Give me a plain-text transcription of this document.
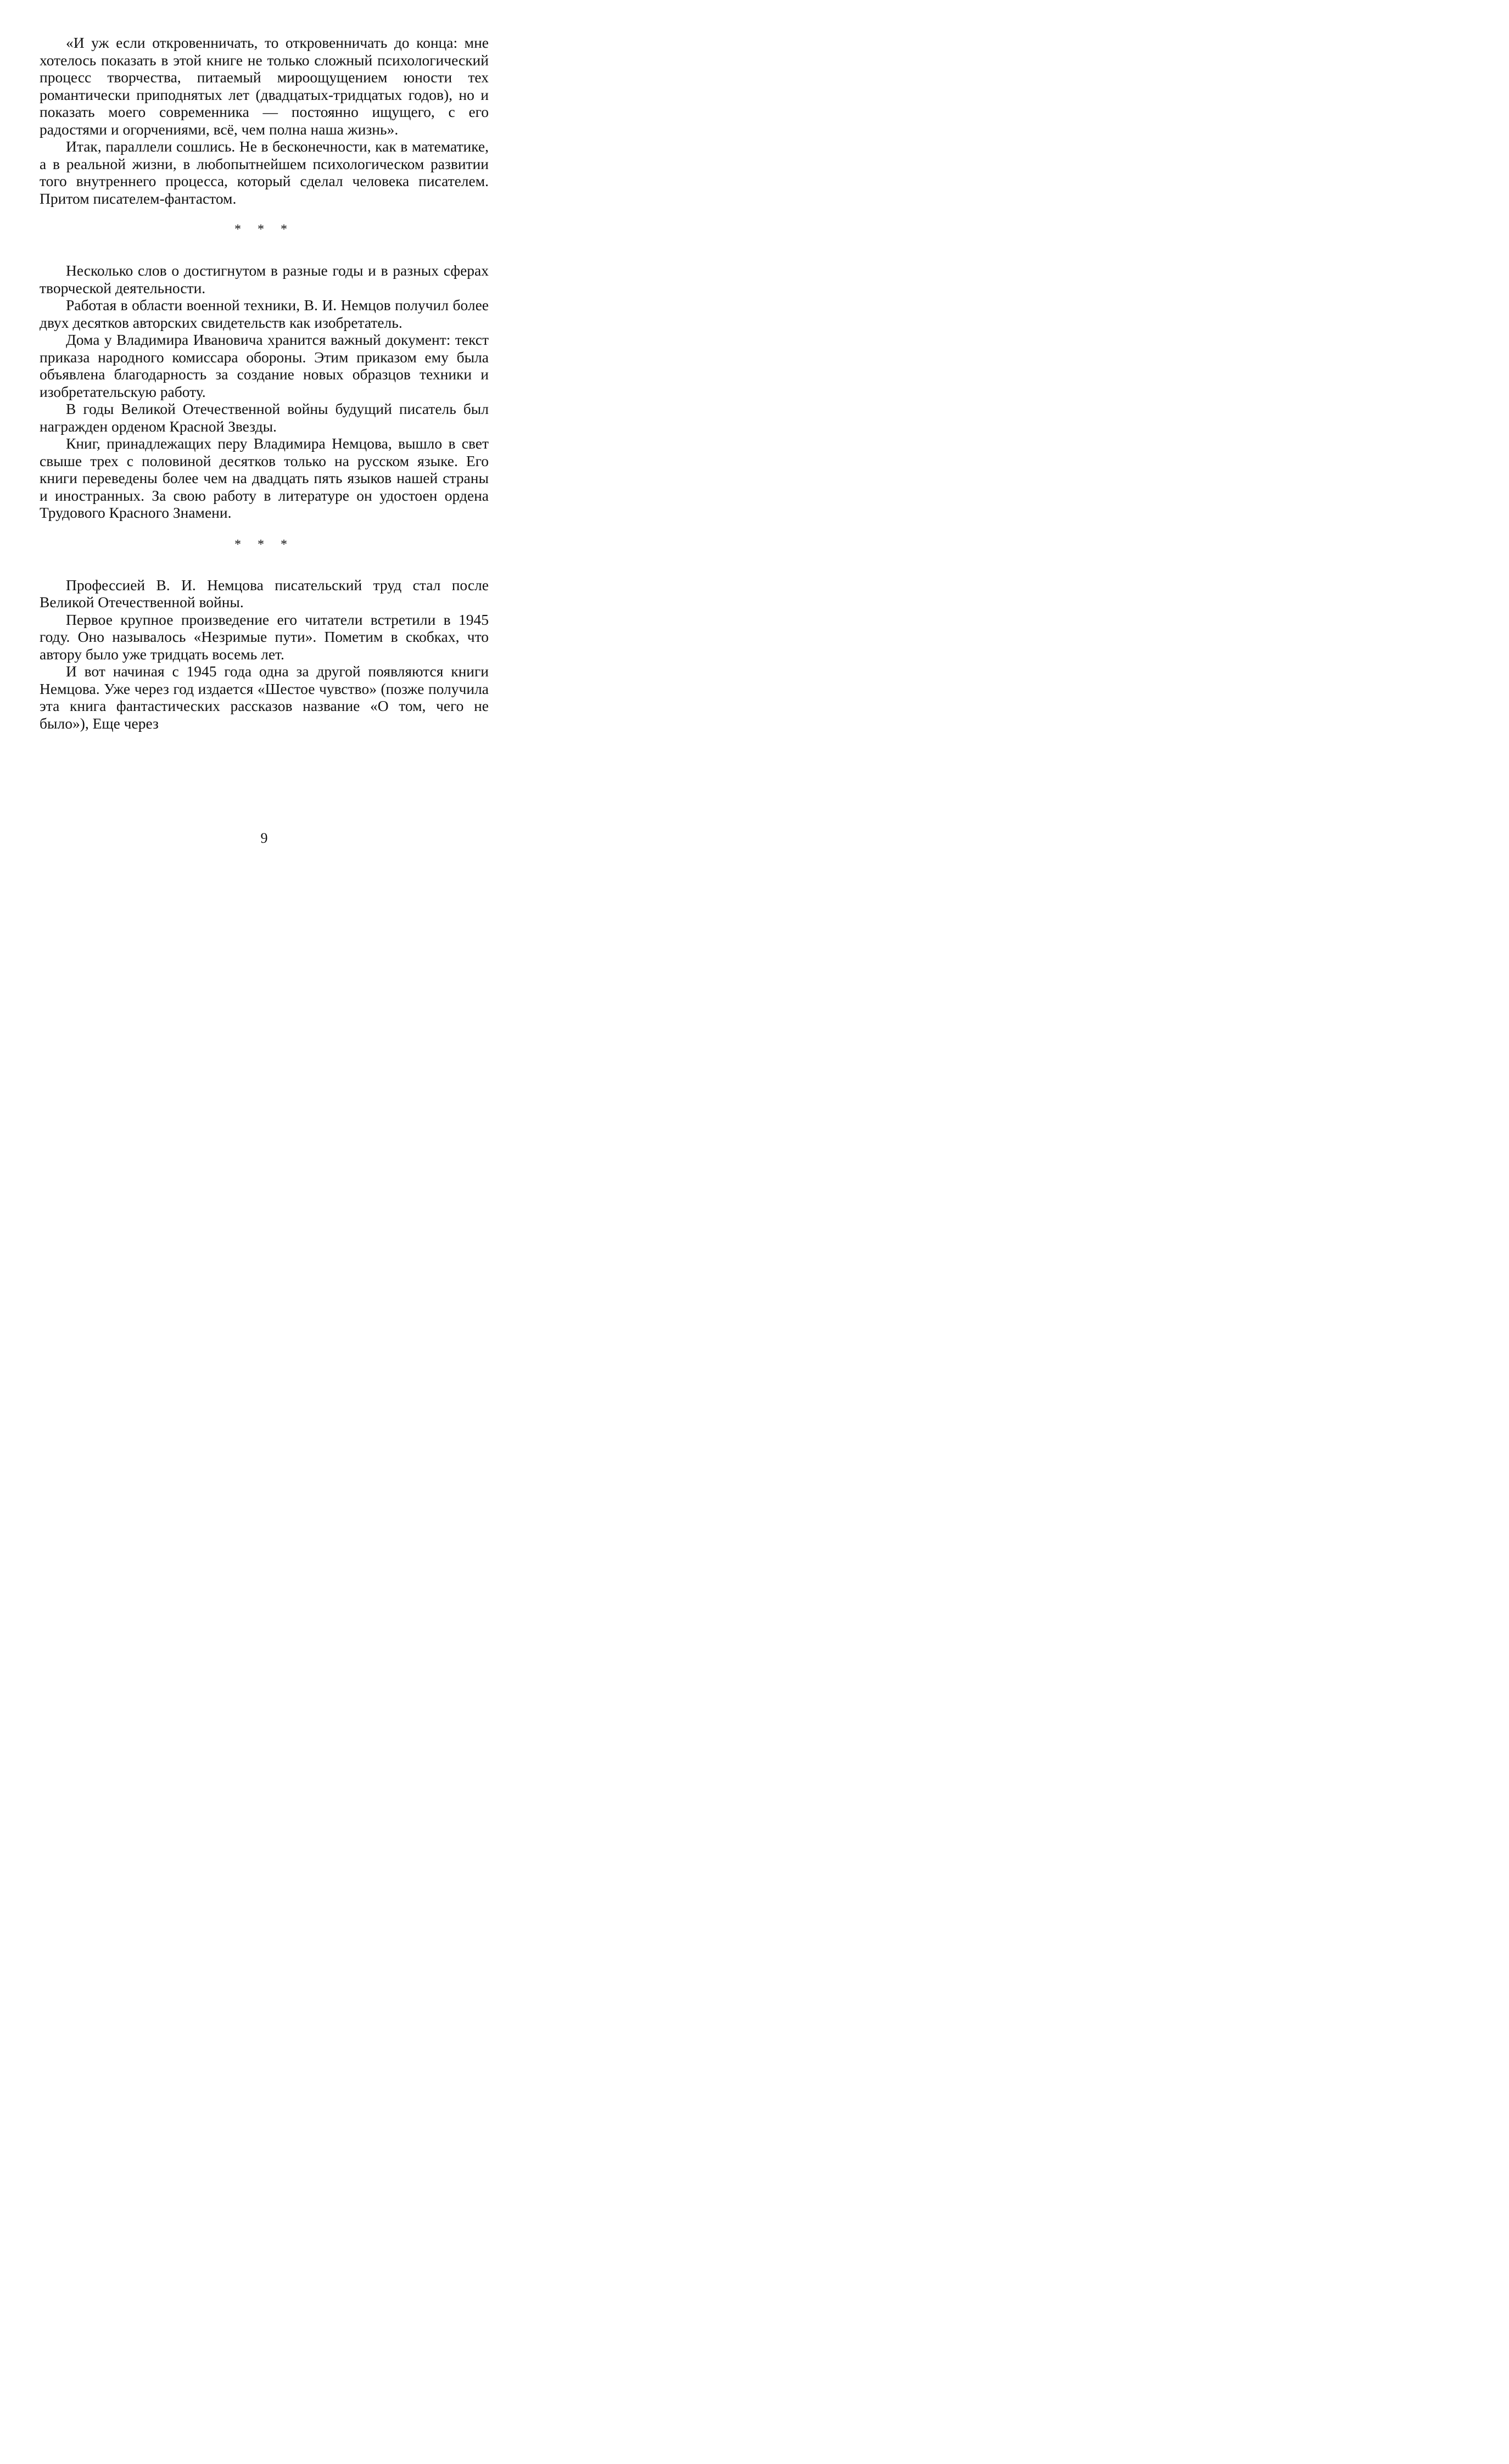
«И уж если откровенничать, то откровенничать до конца: мне хотелось показать в этой книге не только сложный психологический процесс творчества, питаемый мироощущением юности тех романтически приподнятых лет (двадцатых-тридцатых годов), но и показать моего современника — постоянно ищущего, с его радостями и огорчениями, всё, чем полна наша жизнь».

Итак, параллели сошлись. Не в бесконечности, как в математике, а в реальной жизни, в любопытнейшем психологическом развитии того внутреннего процесса, который сделал человека писателем. Притом писателем-фантастом.

* * *

Несколько слов о достигнутом в разные годы и в разных сферах творческой деятельности.

Работая в области военной техники, В. И. Немцов получил более двух десятков авторских свидетельств как изобретатель.

Дома у Владимира Ивановича хранится важный документ: текст приказа народного комиссара обороны. Этим приказом ему была объявлена благодарность за создание новых образцов техники и изобретательскую работу.

В годы Великой Отечественной войны будущий писатель был награжден орденом Красной Звезды.

Книг, принадлежащих перу Владимира Немцова, вышло в свет свыше трех с половиной десятков только на русском языке. Его книги переведены более чем на двадцать пять языков нашей страны и иностранных. За свою работу в литературе он удостоен ордена Трудового Красного Знамени.

* * *

Профессией В. И. Немцова писательский труд стал после Великой Отечественной войны.

Первое крупное произведение его читатели встретили в 1945 году. Оно называлось «Незримые пути». Пометим в скобках, что автору было уже тридцать восемь лет.

И вот начиная с 1945 года одна за другой появляются книги Немцова. Уже через год издается «Шестое чувство» (позже получила эта книга фантастических рассказов название «О том, чего не было»), Еще через

9
